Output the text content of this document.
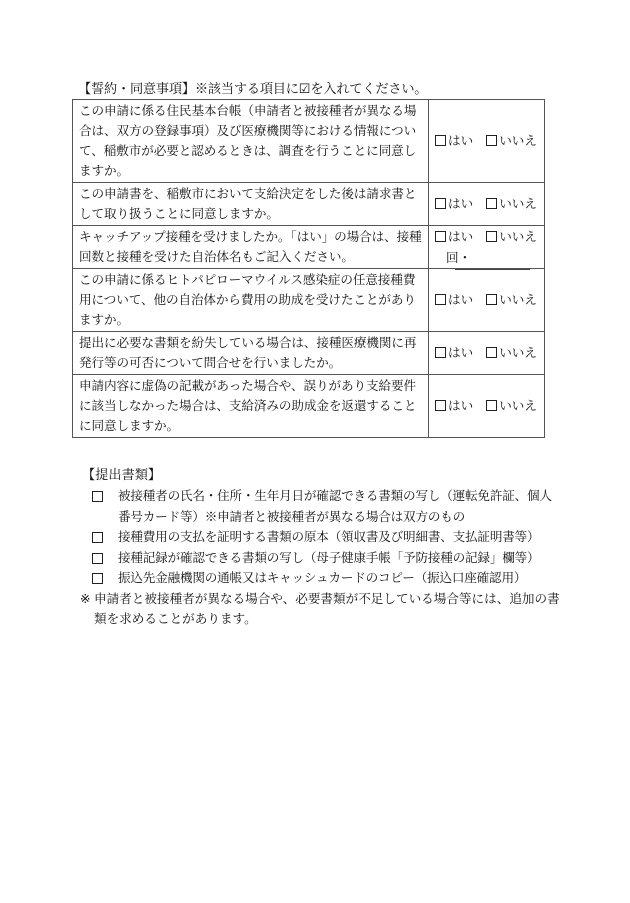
【誓約・同意事項】※該当する項目に☑を入れてください。
この申請に係る住民基本台帳（申請者と被接種者が異なる場合は、双方の登録事項）及び医療機関等における情報について、稲敷市が必要と認めるときは、調査を行うことに同意しますか。	はい いいえ
この申請書を、稲敷市において支給決定をした後は請求書として取り扱うことに同意しますか。	はい いいえ
キャッチアップ接種を受けましたか。「はい」の場合は、接種回数と接種を受けた自治体名もご記入ください。	はい いいえ
回・

この申請に係るヒトパピローマウイルス感染症の任意接種費用について、他の自治体から費用の助成を受けたことがありますか。	はい いいえ
提出に必要な書類を紛失している場合は、接種医療機関に再発行等の可否について問合せを行いましたか。	はい いいえ
申請内容に虚偽の記載があった場合や、誤りがあり支給要件に該当しなかった場合は、支給済みの助成金を返還することに同意しますか。	はい いいえ
【提出書類】
被接種者の氏名・住所・生年月日が確認できる書類の写し（運転免許証、個人番号カード等）※申請者と被接種者が異なる場合は双方のもの
接種費用の支払を証明する書類の原本（領収書及び明細書、支払証明書等）
接種記録が確認できる書類の写し（母子健康手帳「予防接種の記録」欄等）
振込先金融機関の通帳又はキャッシュカードのコピー（振込口座確認用）
※ 申請者と被接種者が異なる場合や、必要書類が不足している場合等には、追加の書類を求めることがあります。
